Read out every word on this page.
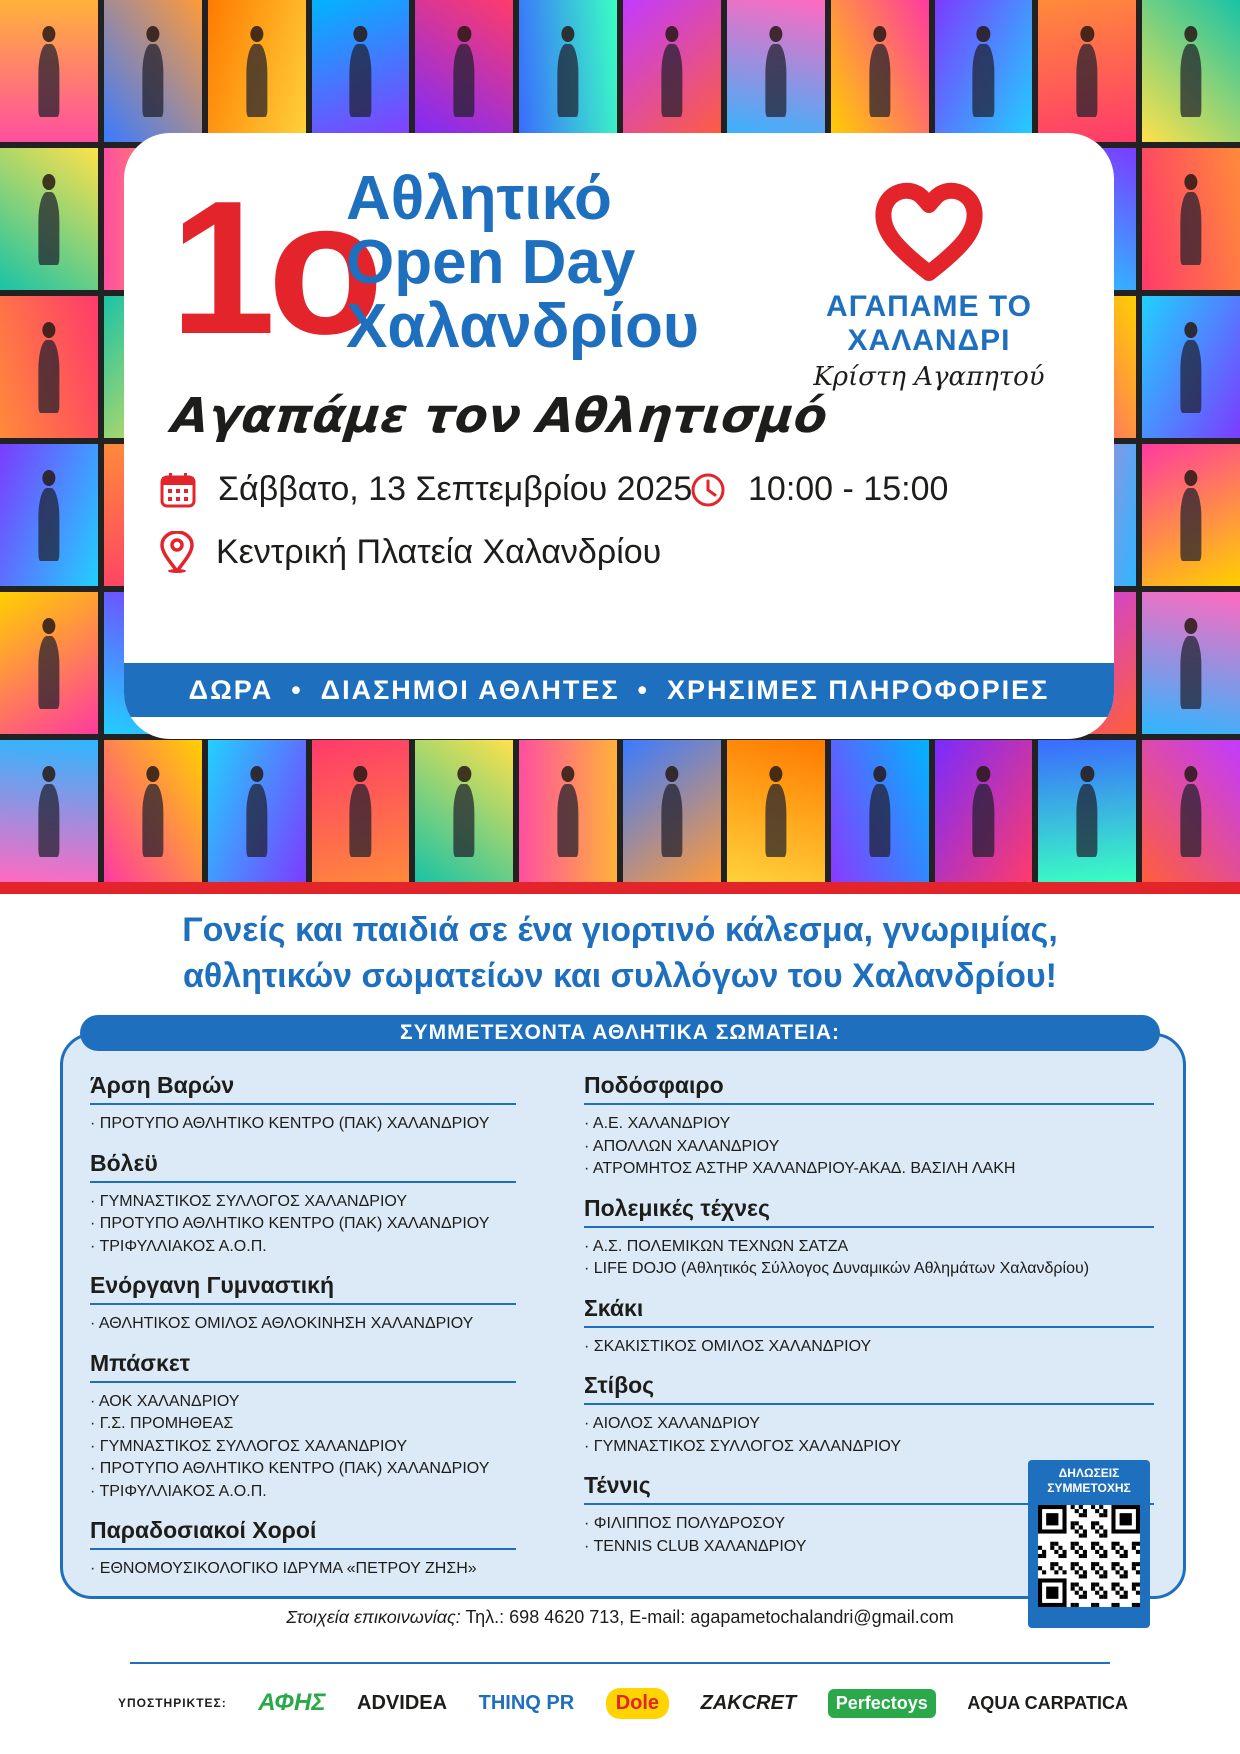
1ο
Αθλητικό
Open Day
Χαλανδρίου
Αγαπάμε τον Αθλητισμό
ΑΓΑΠΑΜΕ ΤΟ ΧΑΛΑΝΔΡΙ
Κρίστη Αγαπητού
Σάββατο, 13 Σεπτεμβρίου 2025 10:00 - 15:00
Κεντρική Πλατεία Χαλανδρίου
ΔΩΡΑ • ΔΙΑΣΗΜΟΙ ΑΘΛΗΤΕΣ • ΧΡΗΣΙΜΕΣ ΠΛΗΡΟΦΟΡΙΕΣ
Γονείς και παιδιά σε ένα γιορτινό κάλεσμα, γνωριμίας,
αθλητικών σωματείων και συλλόγων του Χαλανδρίου!
ΣΥΜΜΕΤΕΧΟΝΤΑ ΑΘΛΗΤΙΚΑ ΣΩΜΑΤΕΙΑ:
Άρση Βαρών
· ΠΡΟΤΥΠΟ ΑΘΛΗΤΙΚΟ ΚΕΝΤΡΟ (ΠΑΚ) ΧΑΛΑΝΔΡΙΟΥ
Βόλεϋ
· ΓΥΜΝΑΣΤΙΚΟΣ ΣΥΛΛΟΓΟΣ ΧΑΛΑΝΔΡΙΟΥ
· ΠΡΟΤΥΠΟ ΑΘΛΗΤΙΚΟ ΚΕΝΤΡΟ (ΠΑΚ) ΧΑΛΑΝΔΡΙΟΥ
· ΤΡΙΦΥΛΛΙΑΚΟΣ Α.Ο.Π.
Ενόργανη Γυμναστική
· ΑΘΛΗΤΙΚΟΣ ΟΜΙΛΟΣ ΑΘΛΟΚΙΝΗΣΗ ΧΑΛΑΝΔΡΙΟΥ
Μπάσκετ
· ΑΟΚ ΧΑΛΑΝΔΡΙΟΥ
· Γ.Σ. ΠΡΟΜΗΘΕΑΣ
· ΓΥΜΝΑΣΤΙΚΟΣ ΣΥΛΛΟΓΟΣ ΧΑΛΑΝΔΡΙΟΥ
· ΠΡΟΤΥΠΟ ΑΘΛΗΤΙΚΟ ΚΕΝΤΡΟ (ΠΑΚ) ΧΑΛΑΝΔΡΙΟΥ
· ΤΡΙΦΥΛΛΙΑΚΟΣ Α.Ο.Π.
Παραδοσιακοί Χοροί
· ΕΘΝΟΜΟΥΣΙΚΟΛΟΓΙΚΟ ΙΔΡΥΜΑ «ΠΕΤΡΟΥ ΖΗΣΗ»
Ποδόσφαιρο
· Α.Ε. ΧΑΛΑΝΔΡΙΟΥ
· ΑΠΟΛΛΩΝ ΧΑΛΑΝΔΡΙΟΥ
· ΑΤΡΟΜΗΤΟΣ ΑΣΤΗΡ ΧΑΛΑΝΔΡΙΟΥ-ΑΚΑΔ. ΒΑΣΙΛΗ ΛΑΚΗ
Πολεμικές τέχνες
· Α.Σ. ΠΟΛΕΜΙΚΩΝ ΤΕΧΝΩΝ ΣΑΤΖΑ
· LIFE DOJO (Αθλητικός Σύλλογος Δυναμικών Αθλημάτων Χαλανδρίου)
Σκάκι
· ΣΚΑΚΙΣΤΙΚΟΣ ΟΜΙΛΟΣ ΧΑΛΑΝΔΡΙΟΥ
Στίβος
· ΑΙΟΛΟΣ ΧΑΛΑΝΔΡΙΟΥ
· ΓΥΜΝΑΣΤΙΚΟΣ ΣΥΛΛΟΓΟΣ ΧΑΛΑΝΔΡΙΟΥ
Τέννις
· ΦΙΛΙΠΠΟΣ ΠΟΛΥΔΡΟΣΟΥ
· TENNIS CLUB ΧΑΛΑΝΔΡΙΟΥ
ΔΗΛΩΣΕΙΣ ΣΥΜΜΕΤΟΧΗΣ
Στοιχεία επικοινωνίας: Τηλ.: 698 4620 713, E-mail: agapametochalandri@gmail.com
ΥΠΟΣΤΗΡΙΚΤΕΣ: ΑΦΗΣ ADVIDEA THINQ PR	Dole	ZAKCRET	Perfectoys	AQUA CARPATICA
